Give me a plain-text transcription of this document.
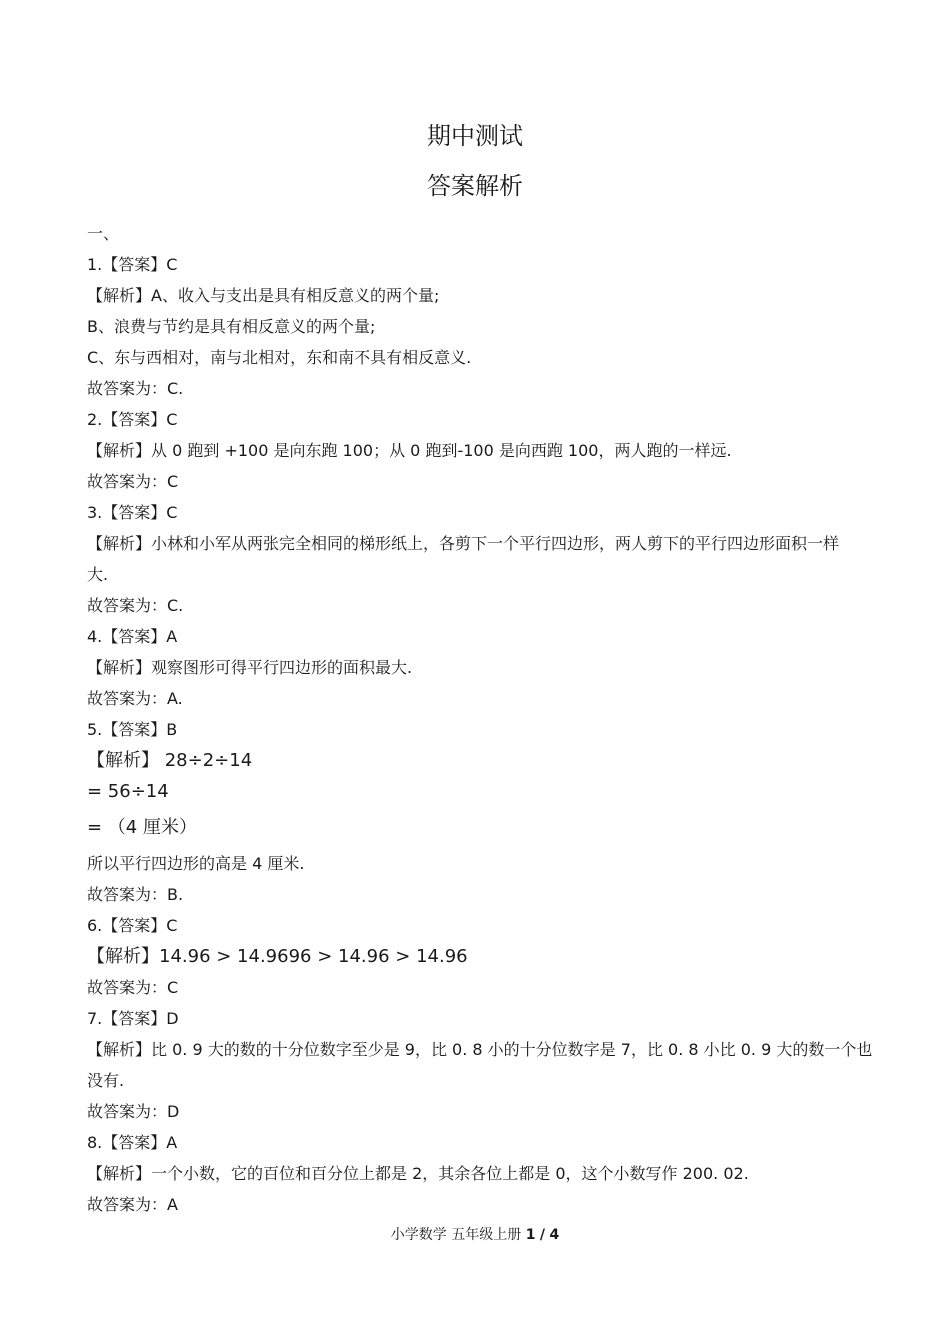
期中测试
答案解析
一、
1.【答案】C
【解析】A、收入与支出是具有相反意义的两个量;
B、浪费与节约是具有相反意义的两个量;
C、东与西相对，南与北相对，东和南不具有相反意义.
故答案为：C.
2.【答案】C
【解析】从 0 跑到 +100 是向东跑 100；从 0 跑到-100 是向西跑 100，两人跑的一样远.
故答案为：C
3.【答案】C
【解析】小林和小军从两张完全相同的梯形纸上，各剪下一个平行四边形，两人剪下的平行四边形面积一样
大.
故答案为：C.
4.【答案】A
【解析】观察图形可得平行四边形的面积最大.
故答案为：A.
5.【答案】B
【解析】 28÷2÷14
= 56÷14
= （4 厘米）
所以平行四边形的高是 4 厘米.
故答案为：B.
6.【答案】C
【解析】14.96 > 14.9696 > 14.96 > 14.96
故答案为：C
7.【答案】D
【解析】比 0. 9 大的数的十分位数字至少是 9，比 0. 8 小的十分位数字是 7，比 0. 8 小比 0. 9 大的数一个也
没有.
故答案为：D
8.【答案】A
【解析】一个小数，它的百位和百分位上都是 2，其余各位上都是 0，这个小数写作 200. 02.
故答案为：A
小学数学 五年级上册 1 / 4
